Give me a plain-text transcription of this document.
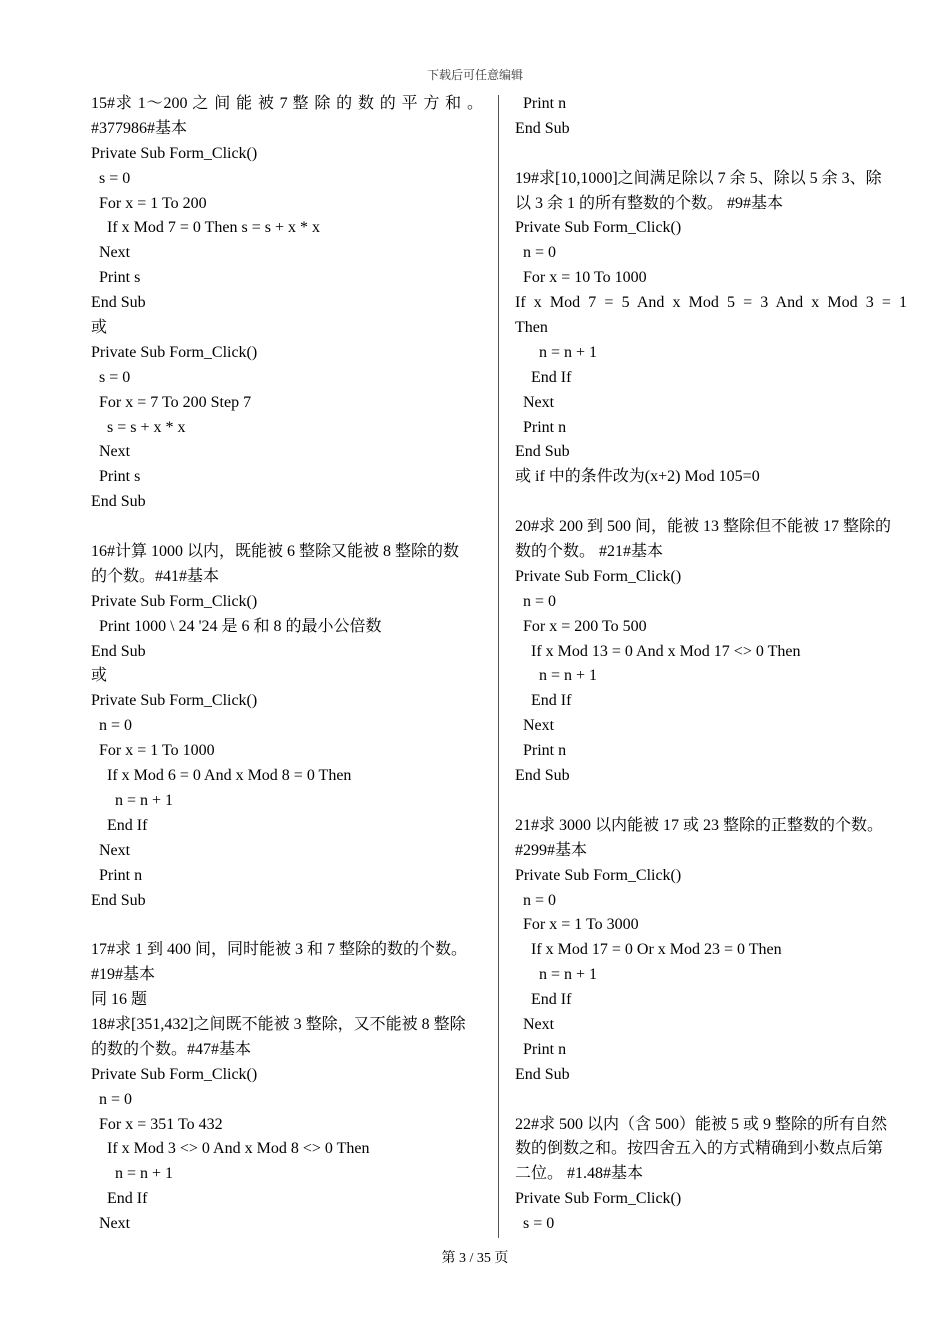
下载后可任意编辑
15#求 1～200 之 间 能 被 7 整 除 的 数 的 平 方 和 。
#377986#基本
Private Sub Form_Click()
s = 0
For x = 1 To 200
If x Mod 7 = 0 Then s = s + x * x
Next
Print s
End Sub
或
Private Sub Form_Click()
s = 0
For x = 7 To 200 Step 7
s = s + x * x
Next
Print s
End Sub
16#计算 1000 以内，既能被 6 整除又能被 8 整除的数
的个数。#41#基本
Private Sub Form_Click()
Print 1000 \ 24 '24 是 6 和 8 的最小公倍数
End Sub
或
Private Sub Form_Click()
n = 0
For x = 1 To 1000
If x Mod 6 = 0 And x Mod 8 = 0 Then
n = n + 1
End If
Next
Print n
End Sub
17#求 1 到 400 间，同时能被 3 和 7 整除的数的个数。
#19#基本
同 16 题
18#求[351,432]之间既不能被 3 整除，又不能被 8 整除
的数的个数。#47#基本
Private Sub Form_Click()
n = 0
For x = 351 To 432
If x Mod 3 <> 0 And x Mod 8 <> 0 Then
n = n + 1
End If
Next
Print n
End Sub
19#求[10,1000]之间满足除以 7 余 5、除以 5 余 3、除
以 3 余 1 的所有整数的个数。 #9#基本
Private Sub Form_Click()
n = 0
For x = 10 To 1000
If x Mod 7 = 5 And x Mod 5 = 3 And x Mod 3 = 1
Then
n = n + 1
End If
Next
Print n
End Sub
或 if 中的条件改为(x+2) Mod 105=0
20#求 200 到 500 间，能被 13 整除但不能被 17 整除的
数的个数。 #21#基本
Private Sub Form_Click()
n = 0
For x = 200 To 500
If x Mod 13 = 0 And x Mod 17 <> 0 Then
n = n + 1
End If
Next
Print n
End Sub
21#求 3000 以内能被 17 或 23 整除的正整数的个数。
#299#基本
Private Sub Form_Click()
n = 0
For x = 1 To 3000
If x Mod 17 = 0 Or x Mod 23 = 0 Then
n = n + 1
End If
Next
Print n
End Sub
22#求 500 以内（含 500）能被 5 或 9 整除的所有自然
数的倒数之和。按四舍五入的方式精确到小数点后第
二位。 #1.48#基本
Private Sub Form_Click()
s = 0
第 3 / 35 页
